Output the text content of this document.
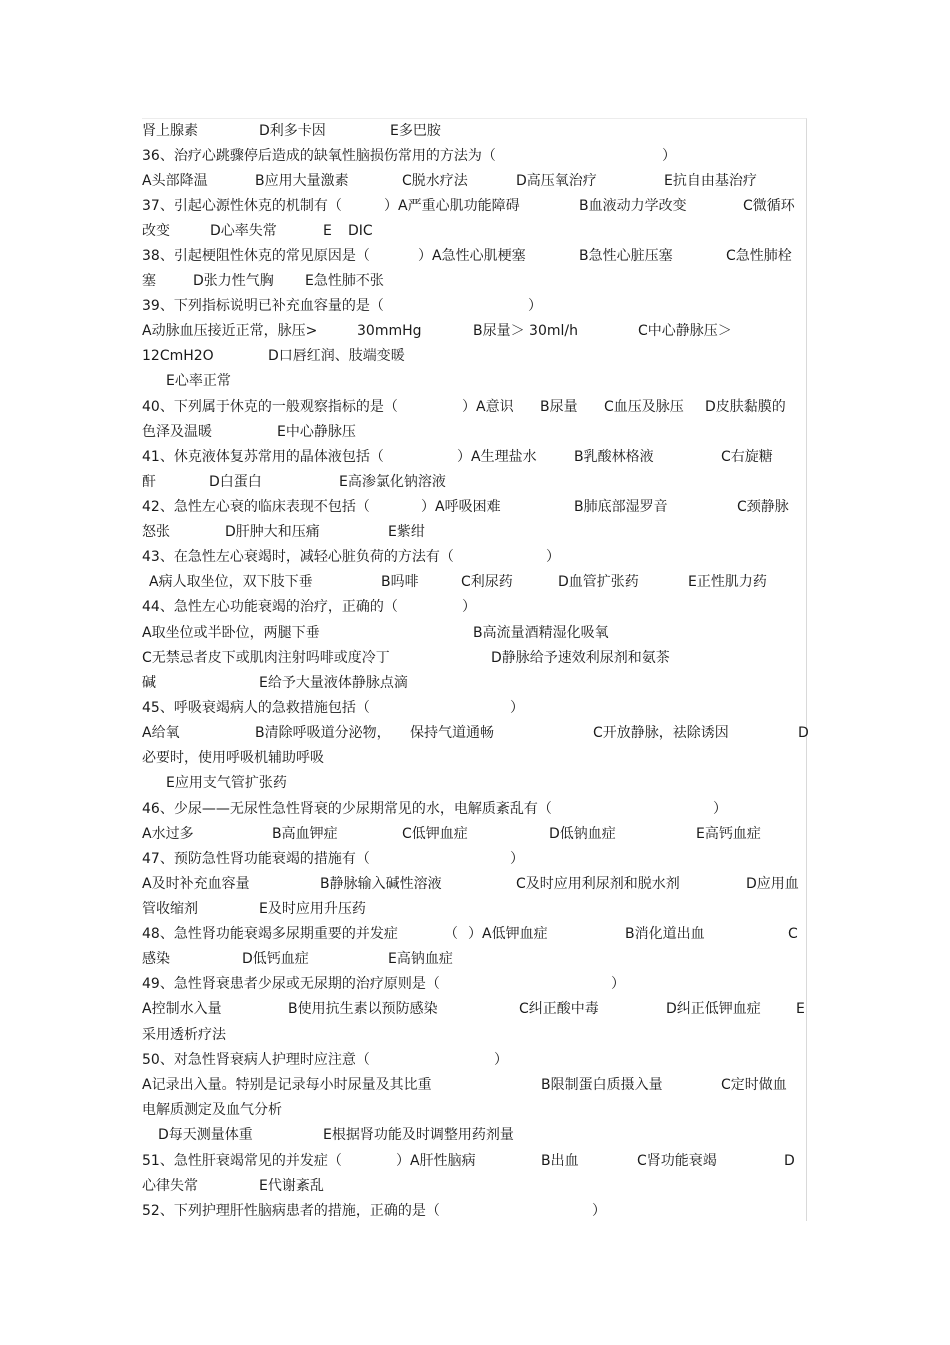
肾上腺素	D利多卡因	E多巴胺
36、治疗心跳骤停后造成的缺氧性脑损伤常用的方法为（	）
A头部降温	B应用大量激素	C脱水疗法	D高压氧治疗	E抗自由基治疗
37、引起心源性休克的机制有（	）A严重心肌功能障碍	B血液动力学改变	C微循环
改变	D心率失常	E DIC
38、引起梗阻性休克的常见原因是（	）A急性心肌梗塞	B急性心脏压塞	C急性肺栓
塞	D张力性气胸 E急性肺不张
39、下列指标说明已补充血容量的是（	）
A动脉血压接近正常，脉压>	30mmHg	B尿量＞ 30ml/h	C中心静脉压＞
12CmH2O	D口唇红润、肢端变暖
E心率正常
40、下列属于休克的一般观察指标的是（	）A意识 B尿量 C血压及脉压 D皮肤黏膜的
色泽及温暖	E中心静脉压
41、休克液体复苏常用的晶体液包括（	）A生理盐水	B乳酸林格液	C右旋糖
酐	D白蛋白	E高渗氯化钠溶液
42、急性左心衰的临床表现不包括（	）A呼吸困难	B肺底部湿罗音	C颈静脉
怒张	D肝肿大和压痛	E紫绀
43、在急性左心衰竭时，减轻心脏负荷的方法有（	）
A病人取坐位，双下肢下垂	B吗啡	C利尿药	D血管扩张药	E正性肌力药
44、急性左心功能衰竭的治疗，正确的（	）
A取坐位或半卧位，两腿下垂	B高流量酒精湿化吸氧
C无禁忌者皮下或肌肉注射吗啡或度冷丁	D静脉给予速效利尿剂和氨茶
碱	E给予大量液体静脉点滴
45、呼吸衰竭病人的急救措施包括（	）
A给氧	B清除呼吸道分泌物， 保持气道通畅	C开放静脉，祛除诱因	D
必要时，使用呼吸机辅助呼吸
E应用支气管扩张药
46、少尿——无尿性急性肾衰的少尿期常见的水，电解质紊乱有（	）
A水过多	B高血钾症	C低钾血症	D低钠血症	E高钙血症
47、预防急性肾功能衰竭的措施有（	）
A及时补充血容量	B静脉输入碱性溶液	C及时应用利尿剂和脱水剂	D应用血
管收缩剂	E及时应用升压药
48、急性肾功能衰竭多尿期重要的并发症	（ ）A低钾血症	B消化道出血	C
感染	D低钙血症	E高钠血症
49、急性肾衰患者少尿或无尿期的治疗原则是（	）
A控制水入量	B使用抗生素以预防感染	C纠正酸中毒	D纠正低钾血症	E
采用透析疗法
50、对急性肾衰病人护理时应注意（	）
A记录出入量。特别是记录每小时尿量及其比重	B限制蛋白质摄入量	C定时做血
电解质测定及血气分析
D每天测量体重	E根据肾功能及时调整用药剂量
51、急性肝衰竭常见的并发症（	）A肝性脑病	B出血	C肾功能衰竭	D
心律失常	E代谢紊乱
52、下列护理肝性脑病患者的措施，正确的是（	）
